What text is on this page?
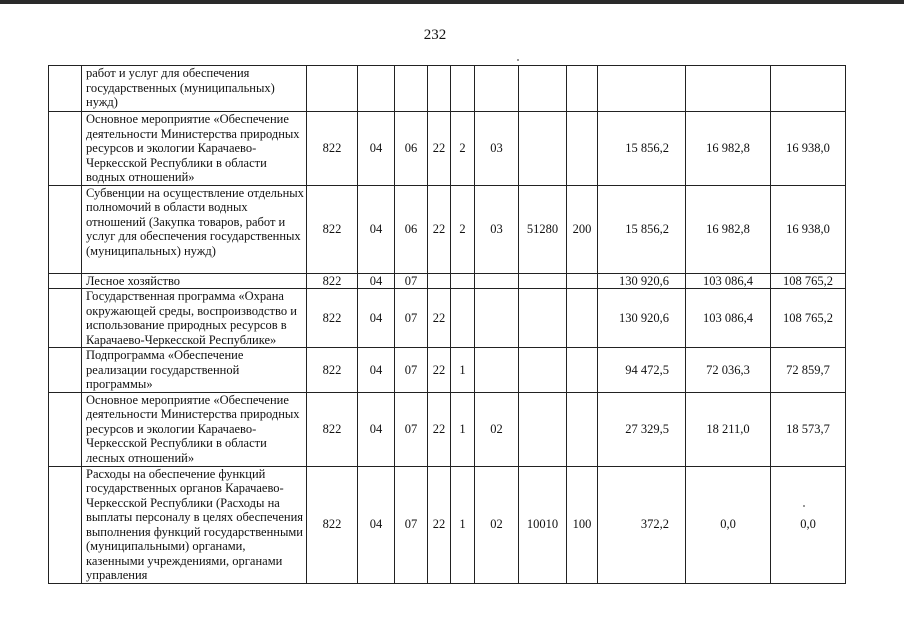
232
	работ и услуг для обеспечения государственных (муниципальных) нужд)											
	Основное мероприятие «Обеспечение деятельности Министерства природных ресурсов и экологии Карачаево-Черкесской Республики в области водных отношений»	822	04	06	22	2	03			15 856,2	16 982,8	16 938,0
	Субвенции на осуществление отдельных полномочий в области водных отношений (Закупка товаров, работ и услуг для обеспечения государственных (муниципальных) нужд)	822	04	06	22	2	03	51280	200	15 856,2	16 982,8	16 938,0
	Лесное хозяйство	822	04	07						130 920,6	103 086,4	108 765,2
	Государственная программа «Охрана окружающей среды, воспроизводство и использование природных ресурсов в Карачаево-Черкесской Республике»	822	04	07	22					130 920,6	103 086,4	108 765,2
	Подпрограмма «Обеспечение реализации государственной программы»	822	04	07	22	1				94 472,5	72 036,3	72 859,7
	Основное мероприятие «Обеспечение деятельности Министерства природных ресурсов и экологии Карачаево-Черкесской Республики в области лесных отношений»	822	04	07	22	1	02			27 329,5	18 211,0	18 573,7
	Расходы на обеспечение функций государственных органов Карачаево-Черкесской Республики (Расходы на выплаты персоналу в целях обеспечения выполнения функций государственными (муниципальными) органами, казенными учреждениями, органами управления	822	04	07	22	1	02	10010	100	372,2	0,0	0,0
